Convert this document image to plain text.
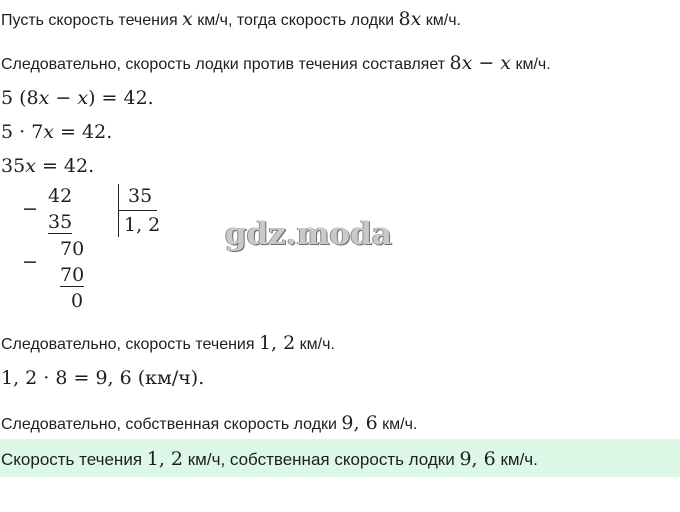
Пусть скорость течения x км/ч, тогда скорость лодки 8x км/ч.

Следовательно, скорость лодки против течения составляет 8x − x км/ч.

5 (8x − x) = 42.
5 · 7x = 42.
35x = 42.
−
42
35
35
1, 2
−
70
70
0
gdz.moda

Следовательно, скорость течения 1, 2 км/ч.

1, 2 · 8 = 9, 6 (км/ч).

Следовательно, собственная скорость лодки 9, 6 км/ч.

Скорость течения 1, 2 км/ч, собственная скорость лодки 9, 6 км/ч.
